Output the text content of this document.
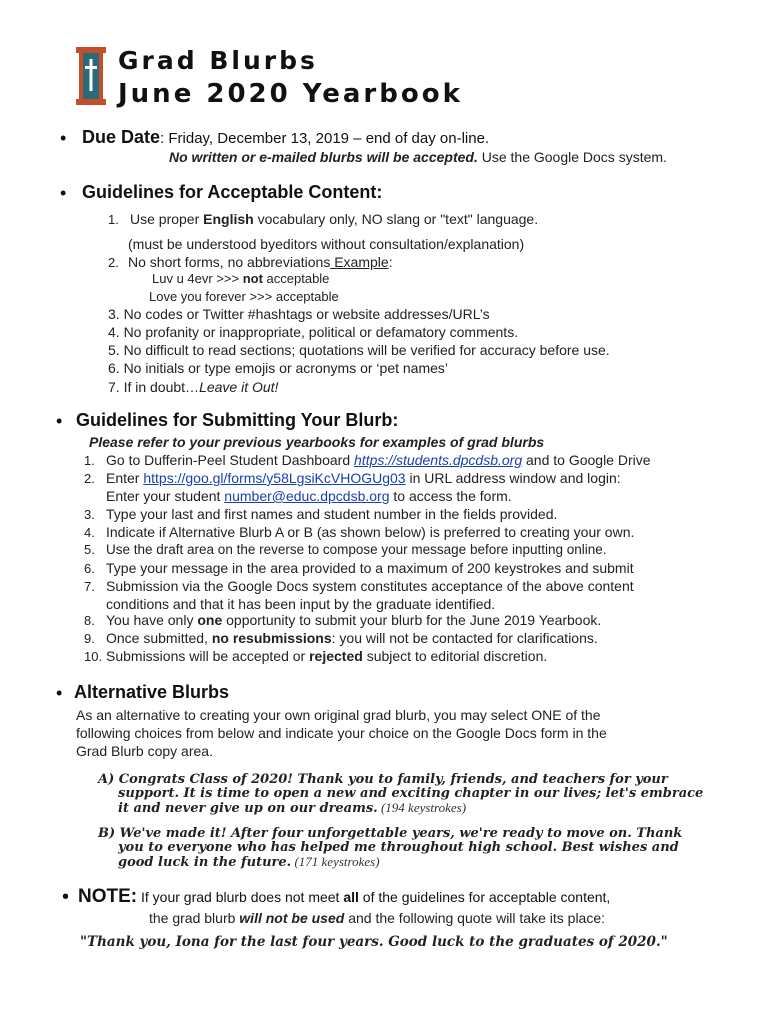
Grad Blurbs
June 2020 Yearbook
• Due Date: Friday, December 13, 2019 – end of day on-line.
No written or e-mailed blurbs will be accepted. Use the Google Docs system.
• Guidelines for Acceptable Content:
1. Use proper English vocabulary only, NO slang or "text" language.
(must be understood byeditors without consultation/explanation)
2. No short forms, no abbreviations Example:
Luv u 4evr >>> not acceptable
Love you forever >>> acceptable
3. No codes or Twitter #hashtags or website addresses/URL’s
4. No profanity or inappropriate, political or defamatory comments.
5. No difficult to read sections; quotations will be verified for accuracy before use.
6. No initials or type emojis or acronyms or ‘pet names’
7. If in doubt…Leave it Out!
• Guidelines for Submitting Your Blurb:
Please refer to your previous yearbooks for examples of grad blurbs
1. Go to Dufferin-Peel Student Dashboard https://students.dpcdsb.org and to Google Drive
2. Enter https://goo.gl/forms/y58LgsiKcVHOGUg03 in URL address window and login:
Enter your student number@educ.dpcdsb.org to access the form.
3. Type your last and first names and student number in the fields provided.
4. Indicate if Alternative Blurb A or B (as shown below) is preferred to creating your own.
5. Use the draft area on the reverse to compose your message before inputting online.
6. Type your message in the area provided to a maximum of 200 keystrokes and submit
7. Submission via the Google Docs system constitutes acceptance of the above content
conditions and that it has been input by the graduate identified.
8. You have only one opportunity to submit your blurb for the June 2019 Yearbook.
9. Once submitted, no resubmissions: you will not be contacted for clarifications.
10. Submissions will be accepted or rejected subject to editorial discretion.
• Alternative Blurbs
As an alternative to creating your own original grad blurb, you may select ONE of the
following choices from below and indicate your choice on the Google Docs form in the
Grad Blurb copy area.
A) Congrats Class of 2020! Thank you to family, friends, and teachers for your
support. It is time to open a new and exciting chapter in our lives; let's embrace
it and never give up on our dreams. (194 keystrokes)
B) We've made it! After four unforgettable years, we're ready to move on. Thank
you to everyone who has helped me throughout high school. Best wishes and
good luck in the future. (171 keystrokes)
• NOTE: If your grad blurb does not meet all of the guidelines for acceptable content,
the grad blurb will not be used and the following quote will take its place:
"Thank you, Iona for the last four years. Good luck to the graduates of 2020."
